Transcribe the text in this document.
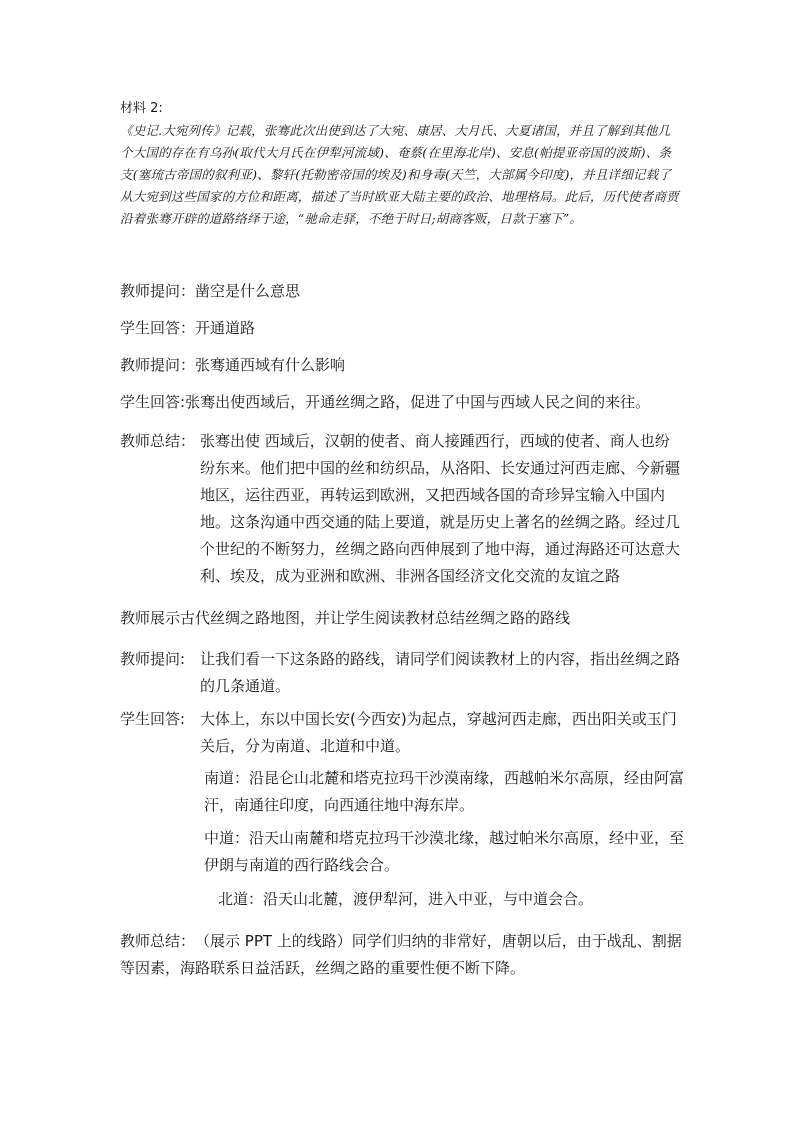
材料 2:
《史记.大宛列传》记载，张骞此次出使到达了大宛、康居、大月氏、大夏诸国，并且了解到其他几个大国的存在有乌孙(取代大月氏在伊犁河流域)、奄蔡(在里海北岸)、安息(帕提亚帝国的波斯)、条支(塞琉古帝国的叙利亚)、黎轩(托勒密帝国的埃及)和身毒(天竺，大部属今印度)，并且详细记载了从大宛到这些国家的方位和距离，描述了当时欧亚大陆主要的政治、地理格局。此后，历代使者商贾沿着张骞开辟的道路络绎于途，“驰命走驿，不绝于时日;胡商客贩，日款于塞下”。
教师提问： 凿空是什么意思
学生回答： 开通道路
教师提问： 张骞通西域有什么影响
学生回答: 张骞出使西域后，开通丝绸之路，促进了中国与西域人民之间的来往。
教师总结： 张骞出使 西域后，汉朝的使者、商人接踵西行，西域的使者、商人也纷纷东来。他们把中国的丝和纺织品，从洛阳、长安通过河西走廊、今新疆地区，运往西亚，再转运到欧洲，又把西域各国的奇珍异宝输入中国内地。这条沟通中西交通的陆上要道，就是历史上著名的丝绸之路。经过几个世纪的不断努力，丝绸之路向西伸展到了地中海，通过海路还可达意大利、埃及，成为亚洲和欧洲、非洲各国经济文化交流的友谊之路
教师展示古代丝绸之路地图，并让学生阅读教材总结丝绸之路的路线
教师提问: 让我们看一下这条路的路线，请同学们阅读教材上的内容，指出丝绸之路的几条通道。
学生回答: 大体上，东以中国长安(今西安)为起点，穿越河西走廊，西出阳关或玉门关后，分为南道、北道和中道。
南道：沿昆仑山北麓和塔克拉玛干沙漠南缘，西越帕米尔高原，经由阿富汗，南通往印度，向西通往地中海东岸。
中道：沿天山南麓和塔克拉玛干沙漠北缘，越过帕米尔高原，经中亚，至伊朗与南道的西行路线会合。
北道：沿天山北麓，渡伊犁河，进入中亚，与中道会合。
教师总结： （展示 PPT 上的线路）同学们归纳的非常好，唐朝以后，由于战乱、割据等因素，海路联系日益活跃，丝绸之路的重要性便不断下降。
